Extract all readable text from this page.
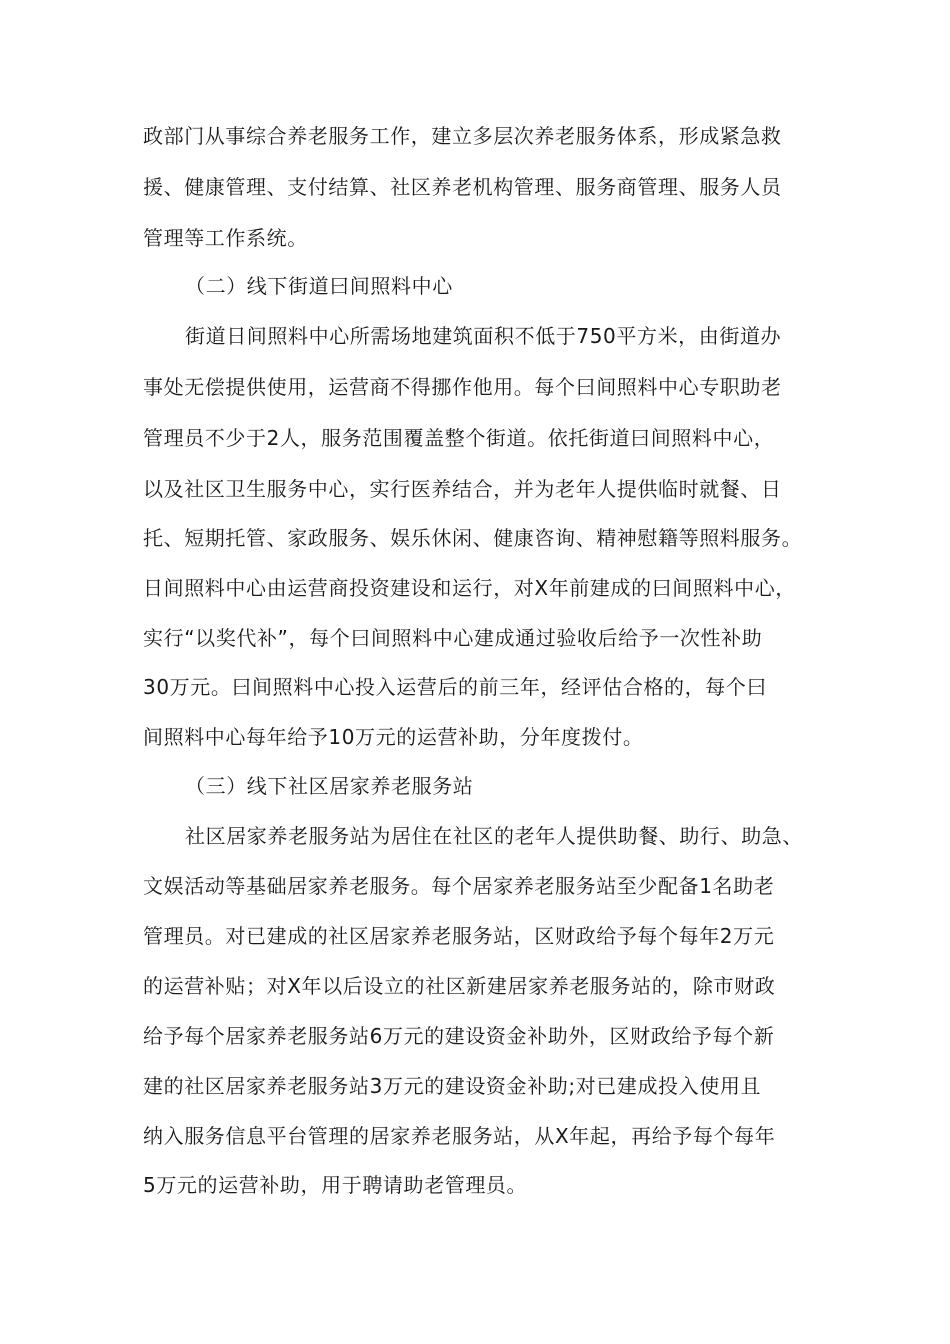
政部门从事综合养老服务工作，建立多层次养老服务体系，形成紧急救
援、健康管理、支付结算、社区养老机构管理、服务商管理、服务人员
管理等工作系统。
（二）线下街道曰间照料中心
街道日间照料中心所需场地建筑面积不低于750平方米，由街道办
事处无偿提供使用，运营商不得挪作他用。每个曰间照料中心专职助老
管理员不少于2人，服务范围覆盖整个街道。依托街道曰间照料中心，
以及社区卫生服务中心，实行医养结合，并为老年人提供临时就餐、日
托、短期托管、家政服务、娱乐休闲、健康咨询、精神慰籍等照料服务。
日间照料中心由运营商投资建设和运行，对X年前建成的曰间照料中心，
实行“以奖代补”，每个曰间照料中心建成通过验收后给予一次性补助
30万元。曰间照料中心投入运营后的前三年，经评估合格的，每个曰
间照料中心每年给予10万元的运营补助，分年度拨付。
（三）线下社区居家养老服务站
社区居家养老服务站为居住在社区的老年人提供助餐、助行、助急、
文娱活动等基础居家养老服务。每个居家养老服务站至少配备1名助老
管理员。对已建成的社区居家养老服务站，区财政给予每个每年2万元
的运营补贴；对X年以后设立的社区新建居家养老服务站的，除市财政
给予每个居家养老服务站6万元的建设资金补助外，区财政给予每个新
建的社区居家养老服务站3万元的建设资金补助;对已建成投入使用且
纳入服务信息平台管理的居家养老服务站，从X年起，再给予每个每年
5万元的运营补助，用于聘请助老管理员。
